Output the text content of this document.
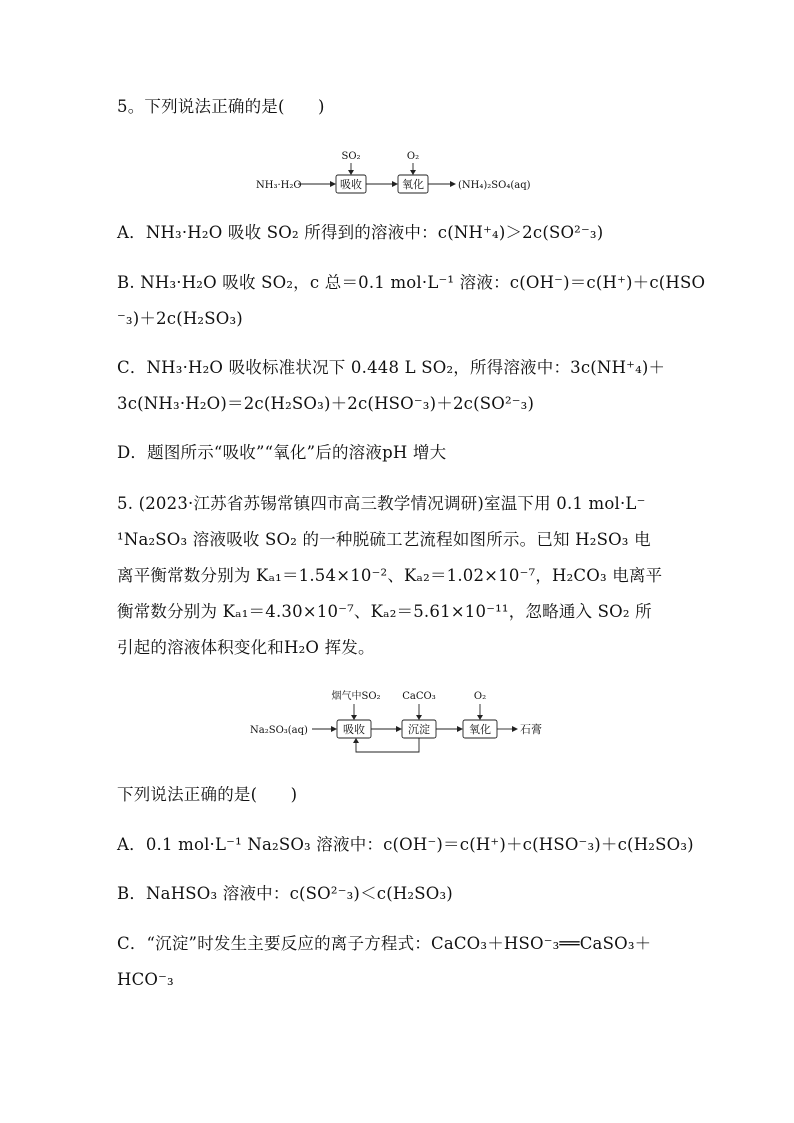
5。下列说法正确的是(　　)
NH₃·H₂O	吸收
SO₂
氧化
O₂
(NH₄)₂SO₄(aq)
Na₂SO₃(aq)	吸收
烟气中SO₂
沉淀
CaCO₃
氧化
O₂
石膏
A．NH₃·H₂O 吸收 SO₂ 所得到的溶液中：c(NH⁺₄)＞2c(SO²⁻₃)
B. NH₃·H₂O 吸收 SO₂，c 总＝0.1 mol·L⁻¹ 溶液：c(OH⁻)＝c(H⁺)＋c(HSO
⁻₃)＋2c(H₂SO₃)
C．NH₃·H₂O 吸收标准状况下 0.448 L SO₂，所得溶液中：3c(NH⁺₄)＋
3c(NH₃·H₂O)＝2c(H₂SO₃)＋2c(HSO⁻₃)＋2c(SO²⁻₃)
D．题图所示“吸收”“氧化”后的溶液pH 增大
5. (2023·江苏省苏锡常镇四市高三教学情况调研)室温下用 0.1 mol·L⁻
¹Na₂SO₃ 溶液吸收 SO₂ 的一种脱硫工艺流程如图所示。已知 H₂SO₃ 电
离平衡常数分别为 Kₐ₁＝1.54×10⁻²、Kₐ₂＝1.02×10⁻⁷，H₂CO₃ 电离平
衡常数分别为 Kₐ₁＝4.30×10⁻⁷、Kₐ₂＝5.61×10⁻¹¹，忽略通入 SO₂ 所
引起的溶液体积变化和H₂O 挥发。
下列说法正确的是(　　)
A．0.1 mol·L⁻¹ Na₂SO₃ 溶液中：c(OH⁻)＝c(H⁺)＋c(HSO⁻₃)＋c(H₂SO₃)
B．NaHSO₃ 溶液中：c(SO²⁻₃)＜c(H₂SO₃)
C．“沉淀”时发生主要反应的离子方程式：CaCO₃＋HSO⁻₃══CaSO₃＋
HCO⁻₃
